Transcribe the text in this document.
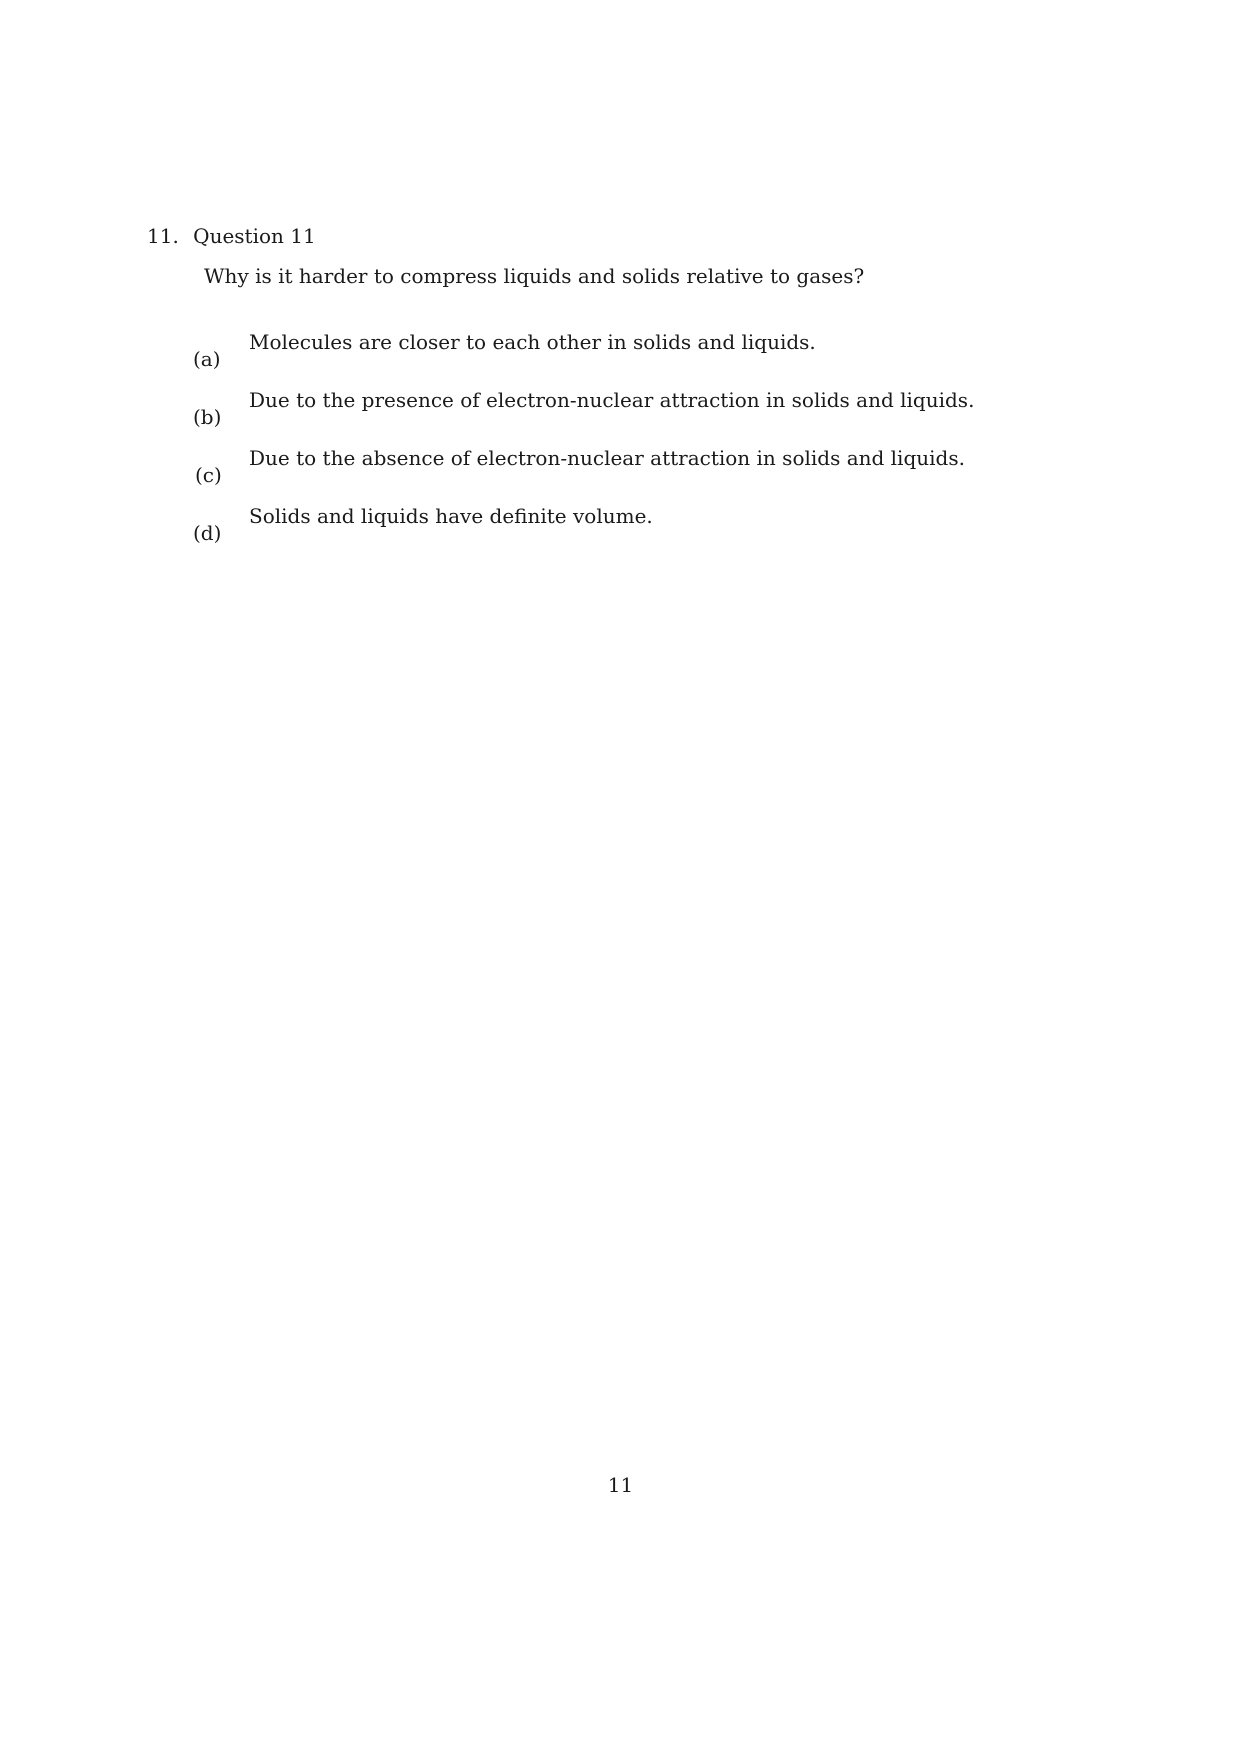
11. Question 11
Why is it harder to compress liquids and solids relative to gases?
(a)
Molecules are closer to each other in solids and liquids.
(b)
Due to the presence of electron-nuclear attraction in solids and liquids.
(c)
Due to the absence of electron-nuclear attraction in solids and liquids.
(d)
Solids and liquids have definite volume.
11
